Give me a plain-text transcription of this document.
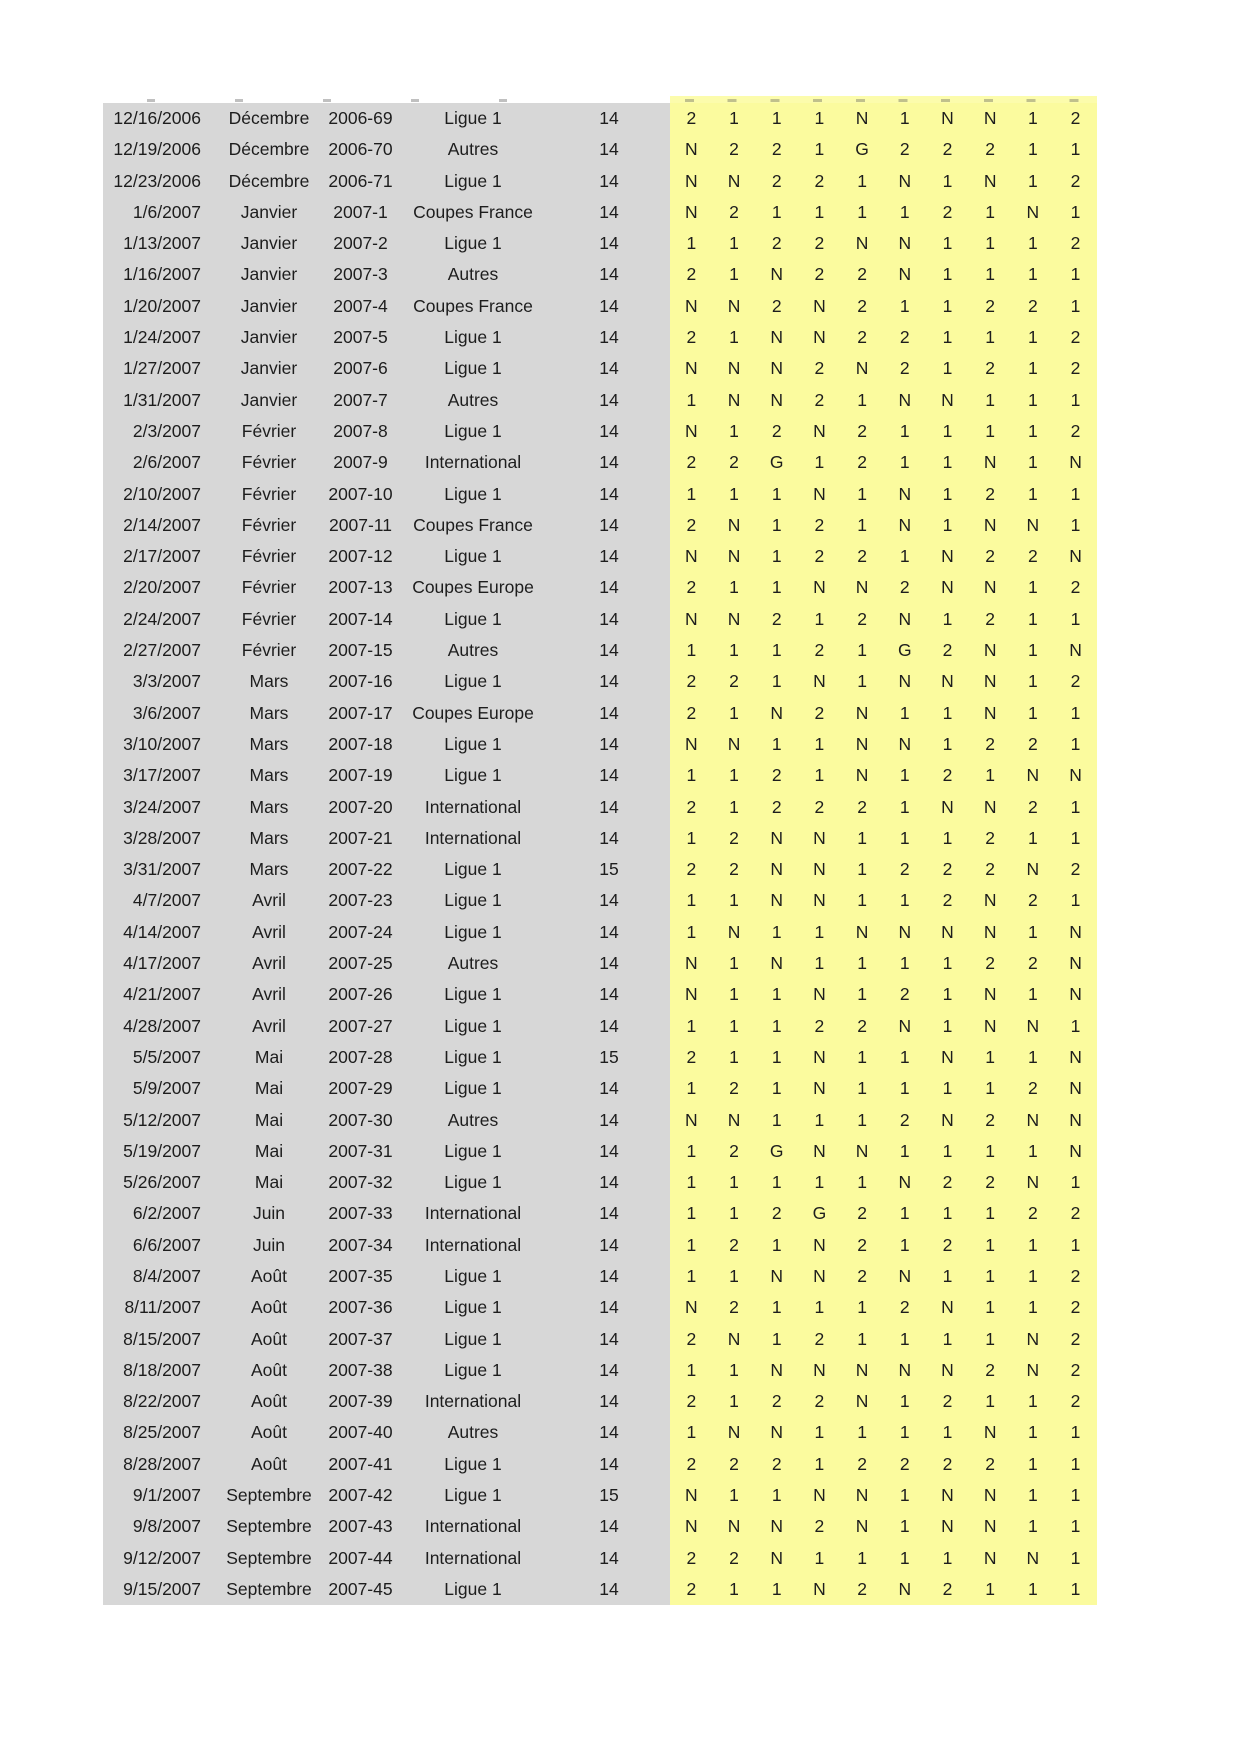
12/16/2006	Décembre	2006-69	Ligue 1	14	2	1	1	1	N	1	N	N	1	2
12/19/2006	Décembre	2006-70	Autres	14	N	2	2	1	G	2	2	2	1	1
12/23/2006	Décembre	2006-71	Ligue 1	14	N	N	2	2	1	N	1	N	1	2
1/6/2007	Janvier	2007-1	Coupes France	14	N	2	1	1	1	1	2	1	N	1
1/13/2007	Janvier	2007-2	Ligue 1	14	1	1	2	2	N	N	1	1	1	2
1/16/2007	Janvier	2007-3	Autres	14	2	1	N	2	2	N	1	1	1	1
1/20/2007	Janvier	2007-4	Coupes France	14	N	N	2	N	2	1	1	2	2	1
1/24/2007	Janvier	2007-5	Ligue 1	14	2	1	N	N	2	2	1	1	1	2
1/27/2007	Janvier	2007-6	Ligue 1	14	N	N	N	2	N	2	1	2	1	2
1/31/2007	Janvier	2007-7	Autres	14	1	N	N	2	1	N	N	1	1	1
2/3/2007	Février	2007-8	Ligue 1	14	N	1	2	N	2	1	1	1	1	2
2/6/2007	Février	2007-9	International	14	2	2	G	1	2	1	1	N	1	N
2/10/2007	Février	2007-10	Ligue 1	14	1	1	1	N	1	N	1	2	1	1
2/14/2007	Février	2007-11	Coupes France	14	2	N	1	2	1	N	1	N	N	1
2/17/2007	Février	2007-12	Ligue 1	14	N	N	1	2	2	1	N	2	2	N
2/20/2007	Février	2007-13	Coupes Europe	14	2	1	1	N	N	2	N	N	1	2
2/24/2007	Février	2007-14	Ligue 1	14	N	N	2	1	2	N	1	2	1	1
2/27/2007	Février	2007-15	Autres	14	1	1	1	2	1	G	2	N	1	N
3/3/2007	Mars	2007-16	Ligue 1	14	2	2	1	N	1	N	N	N	1	2
3/6/2007	Mars	2007-17	Coupes Europe	14	2	1	N	2	N	1	1	N	1	1
3/10/2007	Mars	2007-18	Ligue 1	14	N	N	1	1	N	N	1	2	2	1
3/17/2007	Mars	2007-19	Ligue 1	14	1	1	2	1	N	1	2	1	N	N
3/24/2007	Mars	2007-20	International	14	2	1	2	2	2	1	N	N	2	1
3/28/2007	Mars	2007-21	International	14	1	2	N	N	1	1	1	2	1	1
3/31/2007	Mars	2007-22	Ligue 1	15	2	2	N	N	1	2	2	2	N	2
4/7/2007	Avril	2007-23	Ligue 1	14	1	1	N	N	1	1	2	N	2	1
4/14/2007	Avril	2007-24	Ligue 1	14	1	N	1	1	N	N	N	N	1	N
4/17/2007	Avril	2007-25	Autres	14	N	1	N	1	1	1	1	2	2	N
4/21/2007	Avril	2007-26	Ligue 1	14	N	1	1	N	1	2	1	N	1	N
4/28/2007	Avril	2007-27	Ligue 1	14	1	1	1	2	2	N	1	N	N	1
5/5/2007	Mai	2007-28	Ligue 1	15	2	1	1	N	1	1	N	1	1	N
5/9/2007	Mai	2007-29	Ligue 1	14	1	2	1	N	1	1	1	1	2	N
5/12/2007	Mai	2007-30	Autres	14	N	N	1	1	1	2	N	2	N	N
5/19/2007	Mai	2007-31	Ligue 1	14	1	2	G	N	N	1	1	1	1	N
5/26/2007	Mai	2007-32	Ligue 1	14	1	1	1	1	1	N	2	2	N	1
6/2/2007	Juin	2007-33	International	14	1	1	2	G	2	1	1	1	2	2
6/6/2007	Juin	2007-34	International	14	1	2	1	N	2	1	2	1	1	1
8/4/2007	Août	2007-35	Ligue 1	14	1	1	N	N	2	N	1	1	1	2
8/11/2007	Août	2007-36	Ligue 1	14	N	2	1	1	1	2	N	1	1	2
8/15/2007	Août	2007-37	Ligue 1	14	2	N	1	2	1	1	1	1	N	2
8/18/2007	Août	2007-38	Ligue 1	14	1	1	N	N	N	N	N	2	N	2
8/22/2007	Août	2007-39	International	14	2	1	2	2	N	1	2	1	1	2
8/25/2007	Août	2007-40	Autres	14	1	N	N	1	1	1	1	N	1	1
8/28/2007	Août	2007-41	Ligue 1	14	2	2	2	1	2	2	2	2	1	1
9/1/2007	Septembre 2007-42	Ligue 1	15	N	1	1	N	N	1	N	N	1	1
9/8/2007	Septembre 2007-43	International	14	N	N	N	2	N	1	N	N	1	1
9/12/2007	Septembre 2007-44	International	14	2	2	N	1	1	1	1	N	N	1
9/15/2007	Septembre 2007-45	Ligue 1	14	2	1	1	N	2	N	2	1	1	1
